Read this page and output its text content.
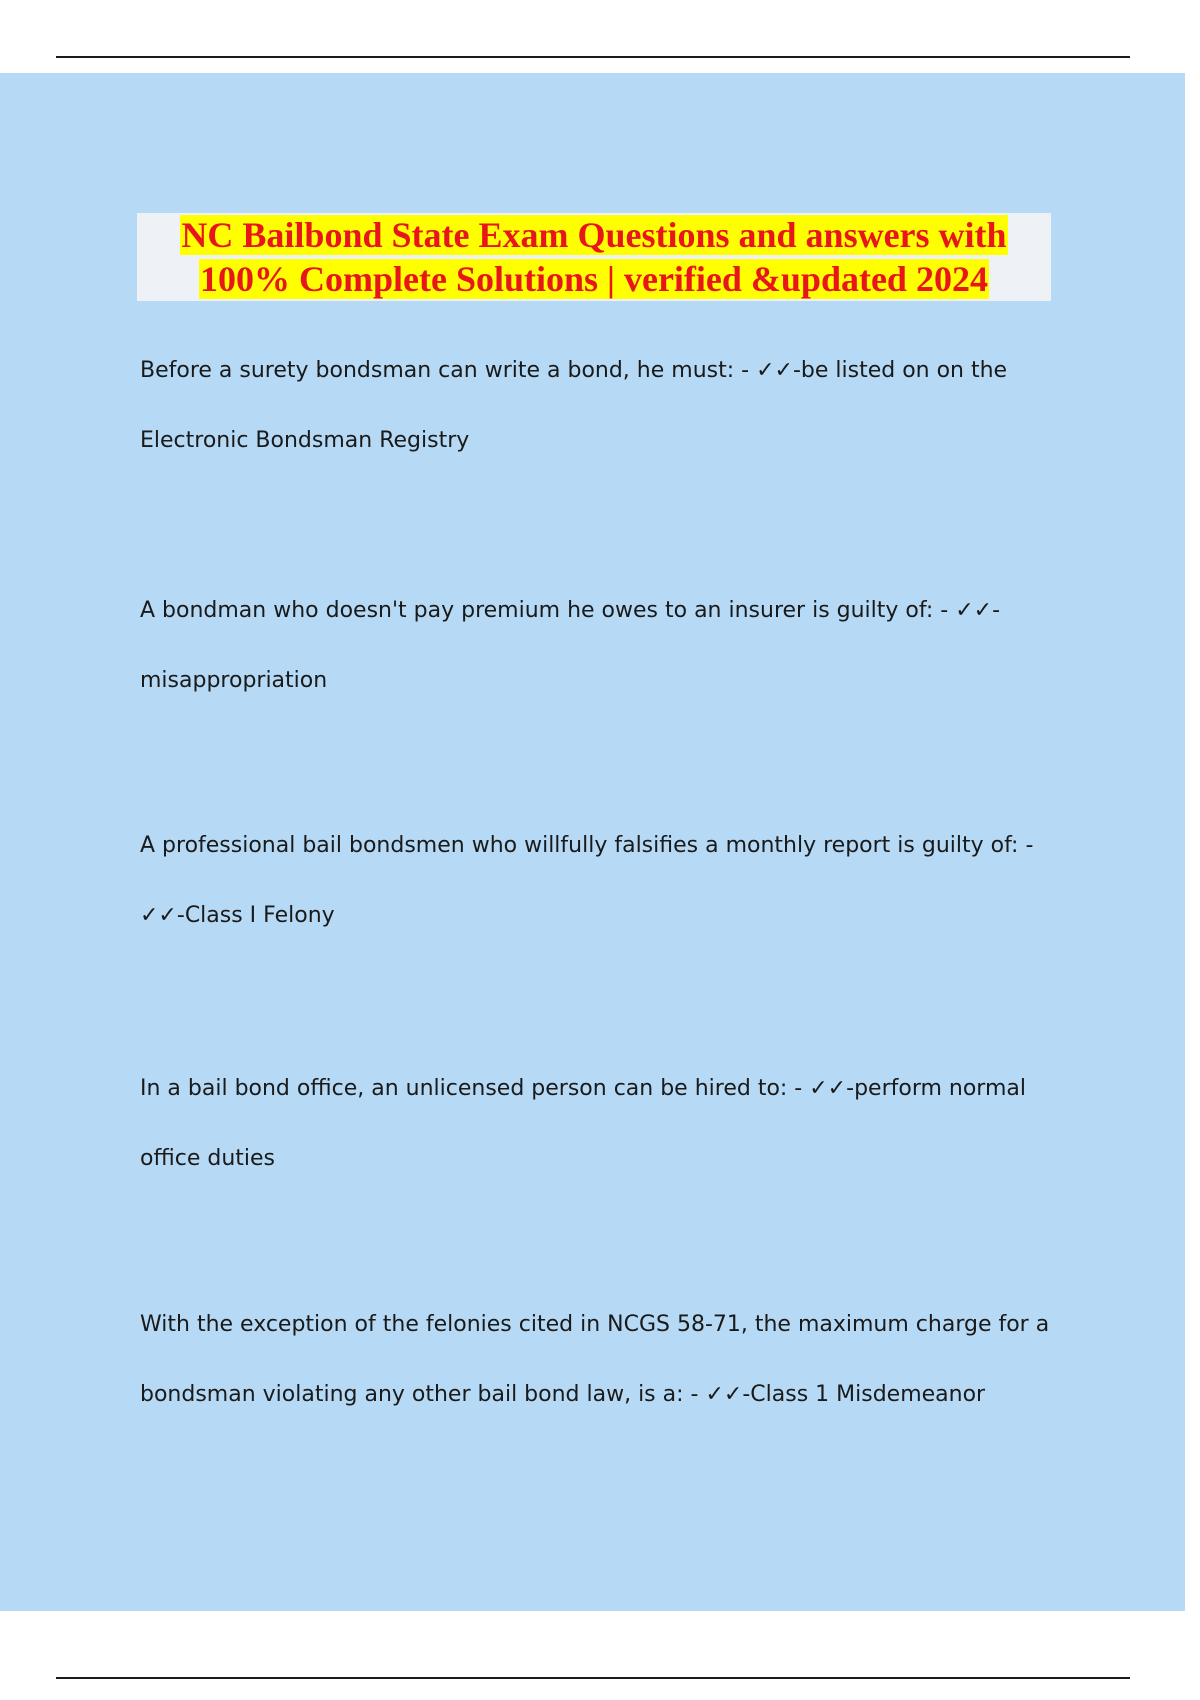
NC Bailbond State Exam Questions and answers with
100% Complete Solutions | verified &updated 2024

Before a surety bondsman can write a bond, he must: - ✓✓-be listed on on the Electronic Bondsman Registry

A bondman who doesn't pay premium he owes to an insurer is guilty of: - ✓✓-misappropriation

A professional bail bondsmen who willfully falsifies a monthly report is guilty of: - ✓✓-Class I Felony

In a bail bond office, an unlicensed person can be hired to: - ✓✓-perform normal office duties

With the exception of the felonies cited in NCGS 58-71, the maximum charge for a bondsman violating any other bail bond law, is a: - ✓✓-Class 1 Misdemeanor
